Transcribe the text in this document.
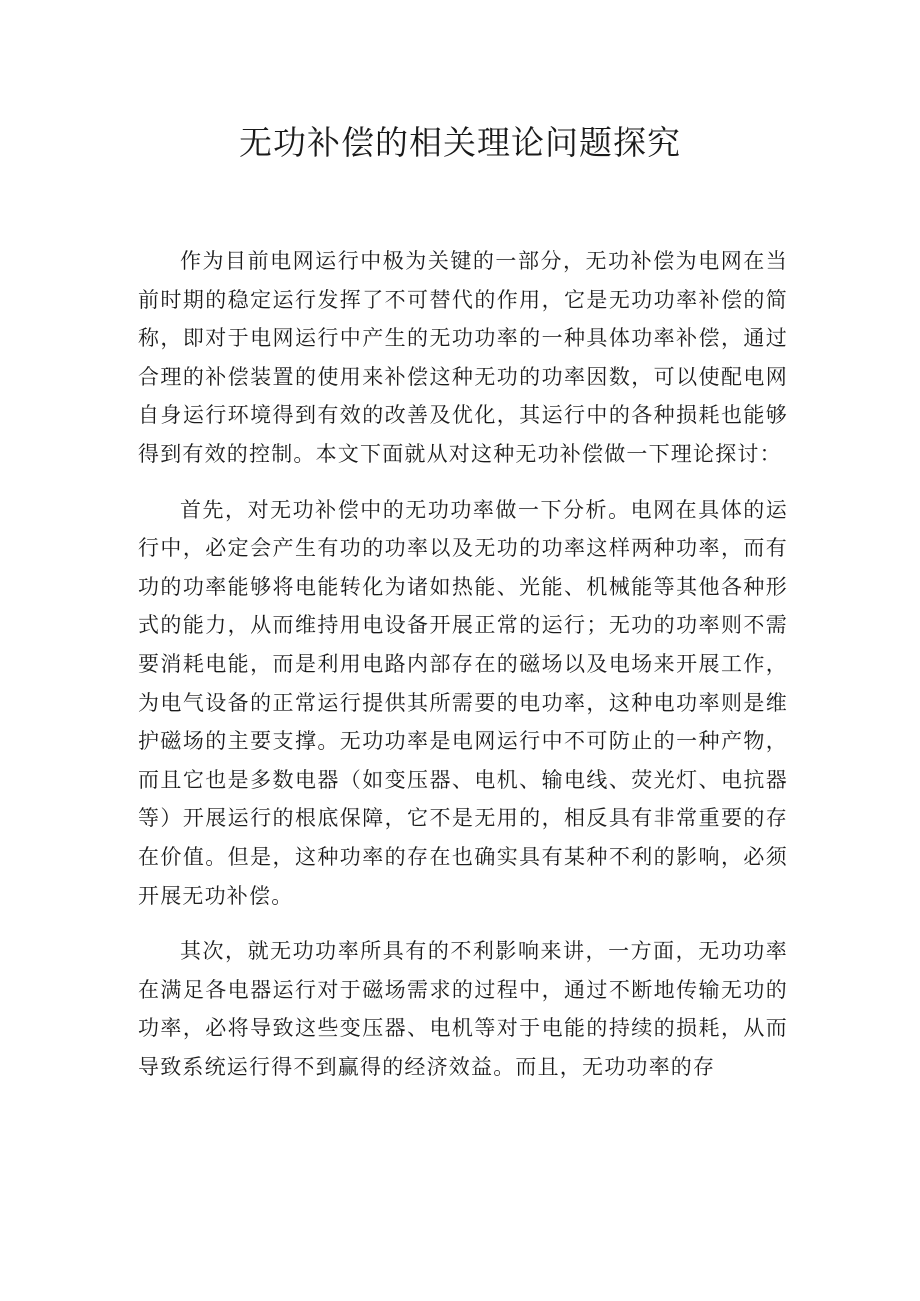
无功补偿的相关理论问题探究

作为目前电网运行中极为关键的一部分，无功补偿为电网在当前时期的稳定运行发挥了不可替代的作用，它是无功功率补偿的简称，即对于电网运行中产生的无功功率的一种具体功率补偿，通过合理的补偿装置的使用来补偿这种无功的功率因数，可以使配电网自身运行环境得到有效的改善及优化，其运行中的各种损耗也能够得到有效的控制。本文下面就从对这种无功补偿做一下理论探讨：

首先，对无功补偿中的无功功率做一下分析。电网在具体的运行中，必定会产生有功的功率以及无功的功率这样两种功率，而有功的功率能够将电能转化为诸如热能、光能、机械能等其他各种形式的能力，从而维持用电设备开展正常的运行；无功的功率则不需要消耗电能，而是利用电路内部存在的磁场以及电场来开展工作，为电气设备的正常运行提供其所需要的电功率，这种电功率则是维护磁场的主要支撑。无功功率是电网运行中不可防止的一种产物，而且它也是多数电器（如变压器、电机、输电线、荧光灯、电抗器等）开展运行的根底保障，它不是无用的，相反具有非常重要的存在价值。但是，这种功率的存在也确实具有某种不利的影响，必须开展无功补偿。

其次，就无功功率所具有的不利影响来讲，一方面，无功功率在满足各电器运行对于磁场需求的过程中，通过不断地传输无功的功率，必将导致这些变压器、电机等对于电能的持续的损耗，从而导致系统运行得不到赢得的经济效益。而且，无功功率的存
